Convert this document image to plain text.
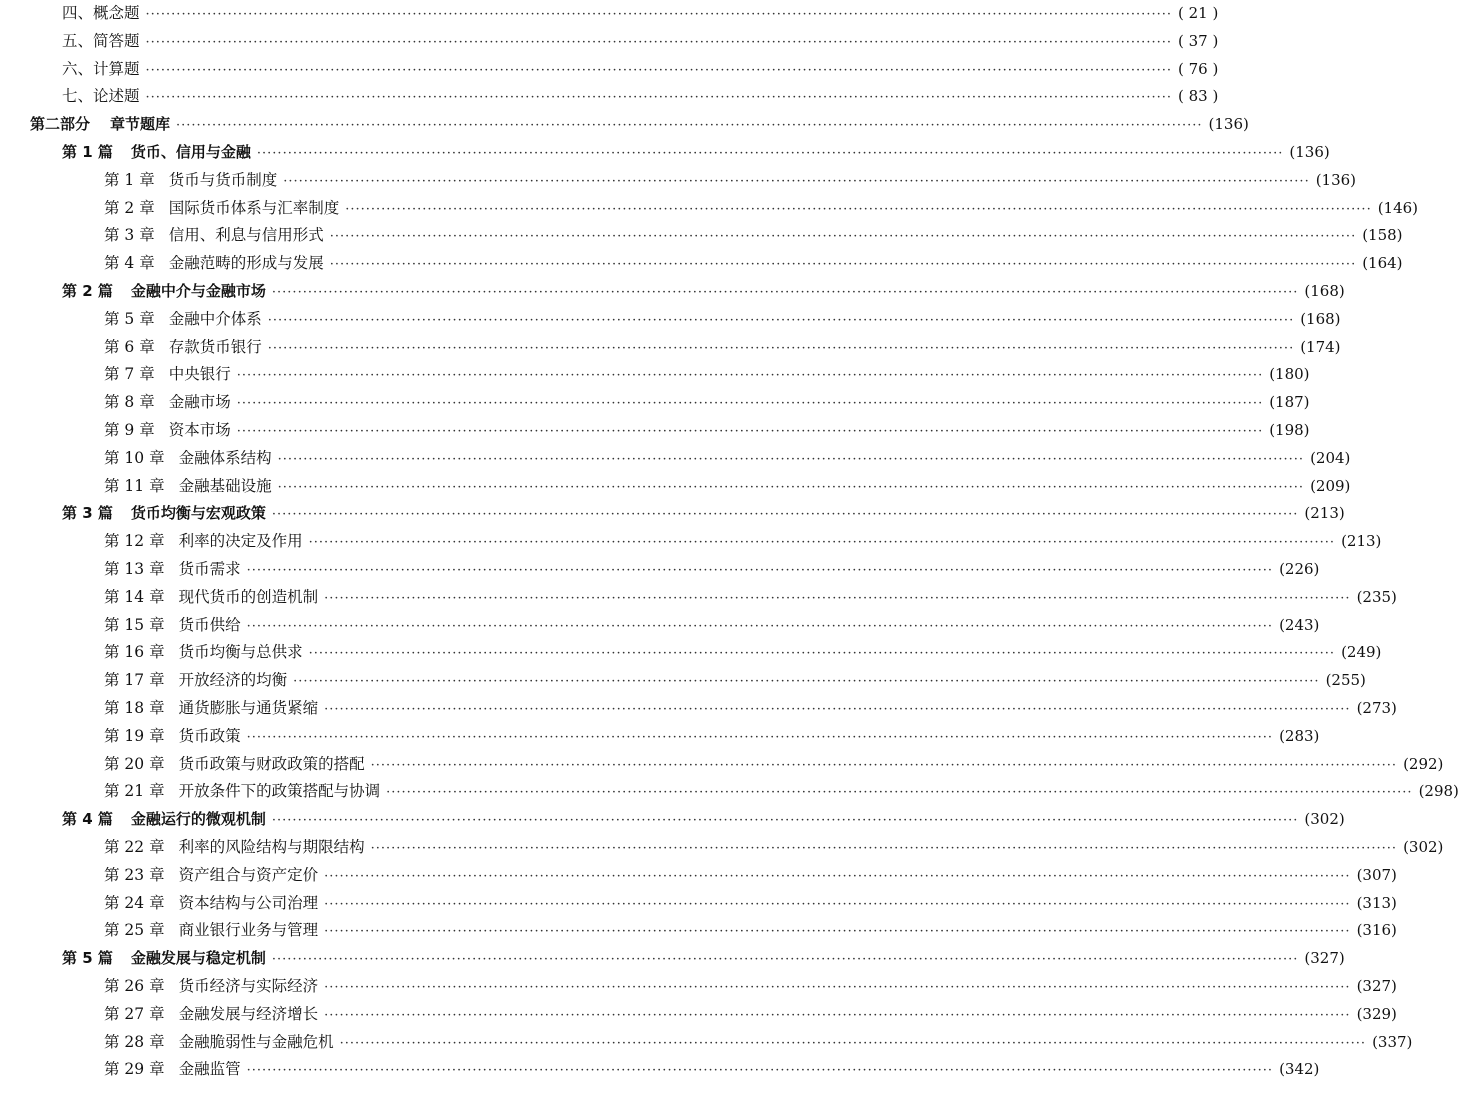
四、概念题 ········································································································································································································ ( 21 )
五、简答题 ········································································································································································································ ( 37 )
六、计算题 ········································································································································································································ ( 76 )
七、论述题 ········································································································································································································ ( 83 )
第二部分 章节题库 ········································································································································································································ (136)
第 1 篇 货币、信用与金融 ········································································································································································································ (136)
第 1 章 货币与货币制度 ········································································································································································································ (136)
第 2 章 国际货币体系与汇率制度 ········································································································································································································ (146)
第 3 章 信用、利息与信用形式 ········································································································································································································ (158)
第 4 章 金融范畴的形成与发展 ········································································································································································································ (164)
第 2 篇 金融中介与金融市场 ········································································································································································································ (168)
第 5 章 金融中介体系 ········································································································································································································ (168)
第 6 章 存款货币银行 ········································································································································································································ (174)
第 7 章 中央银行 ········································································································································································································ (180)
第 8 章 金融市场 ········································································································································································································ (187)
第 9 章 资本市场 ········································································································································································································ (198)
第 10 章 金融体系结构 ········································································································································································································ (204)
第 11 章 金融基础设施 ········································································································································································································ (209)
第 3 篇 货币均衡与宏观政策 ········································································································································································································ (213)
第 12 章 利率的决定及作用 ········································································································································································································ (213)
第 13 章 货币需求 ········································································································································································································ (226)
第 14 章 现代货币的创造机制 ········································································································································································································ (235)
第 15 章 货币供给 ········································································································································································································ (243)
第 16 章 货币均衡与总供求 ········································································································································································································ (249)
第 17 章 开放经济的均衡 ········································································································································································································ (255)
第 18 章 通货膨胀与通货紧缩 ········································································································································································································ (273)
第 19 章 货币政策 ········································································································································································································ (283)
第 20 章 货币政策与财政政策的搭配 ········································································································································································································ (292)
第 21 章 开放条件下的政策搭配与协调 ········································································································································································································ (298)
第 4 篇 金融运行的微观机制 ········································································································································································································ (302)
第 22 章 利率的风险结构与期限结构 ········································································································································································································ (302)
第 23 章 资产组合与资产定价 ········································································································································································································ (307)
第 24 章 资本结构与公司治理 ········································································································································································································ (313)
第 25 章 商业银行业务与管理 ········································································································································································································ (316)
第 5 篇 金融发展与稳定机制 ········································································································································································································ (327)
第 26 章 货币经济与实际经济 ········································································································································································································ (327)
第 27 章 金融发展与经济增长 ········································································································································································································ (329)
第 28 章 金融脆弱性与金融危机 ········································································································································································································ (337)
第 29 章 金融监管 ········································································································································································································ (342)
